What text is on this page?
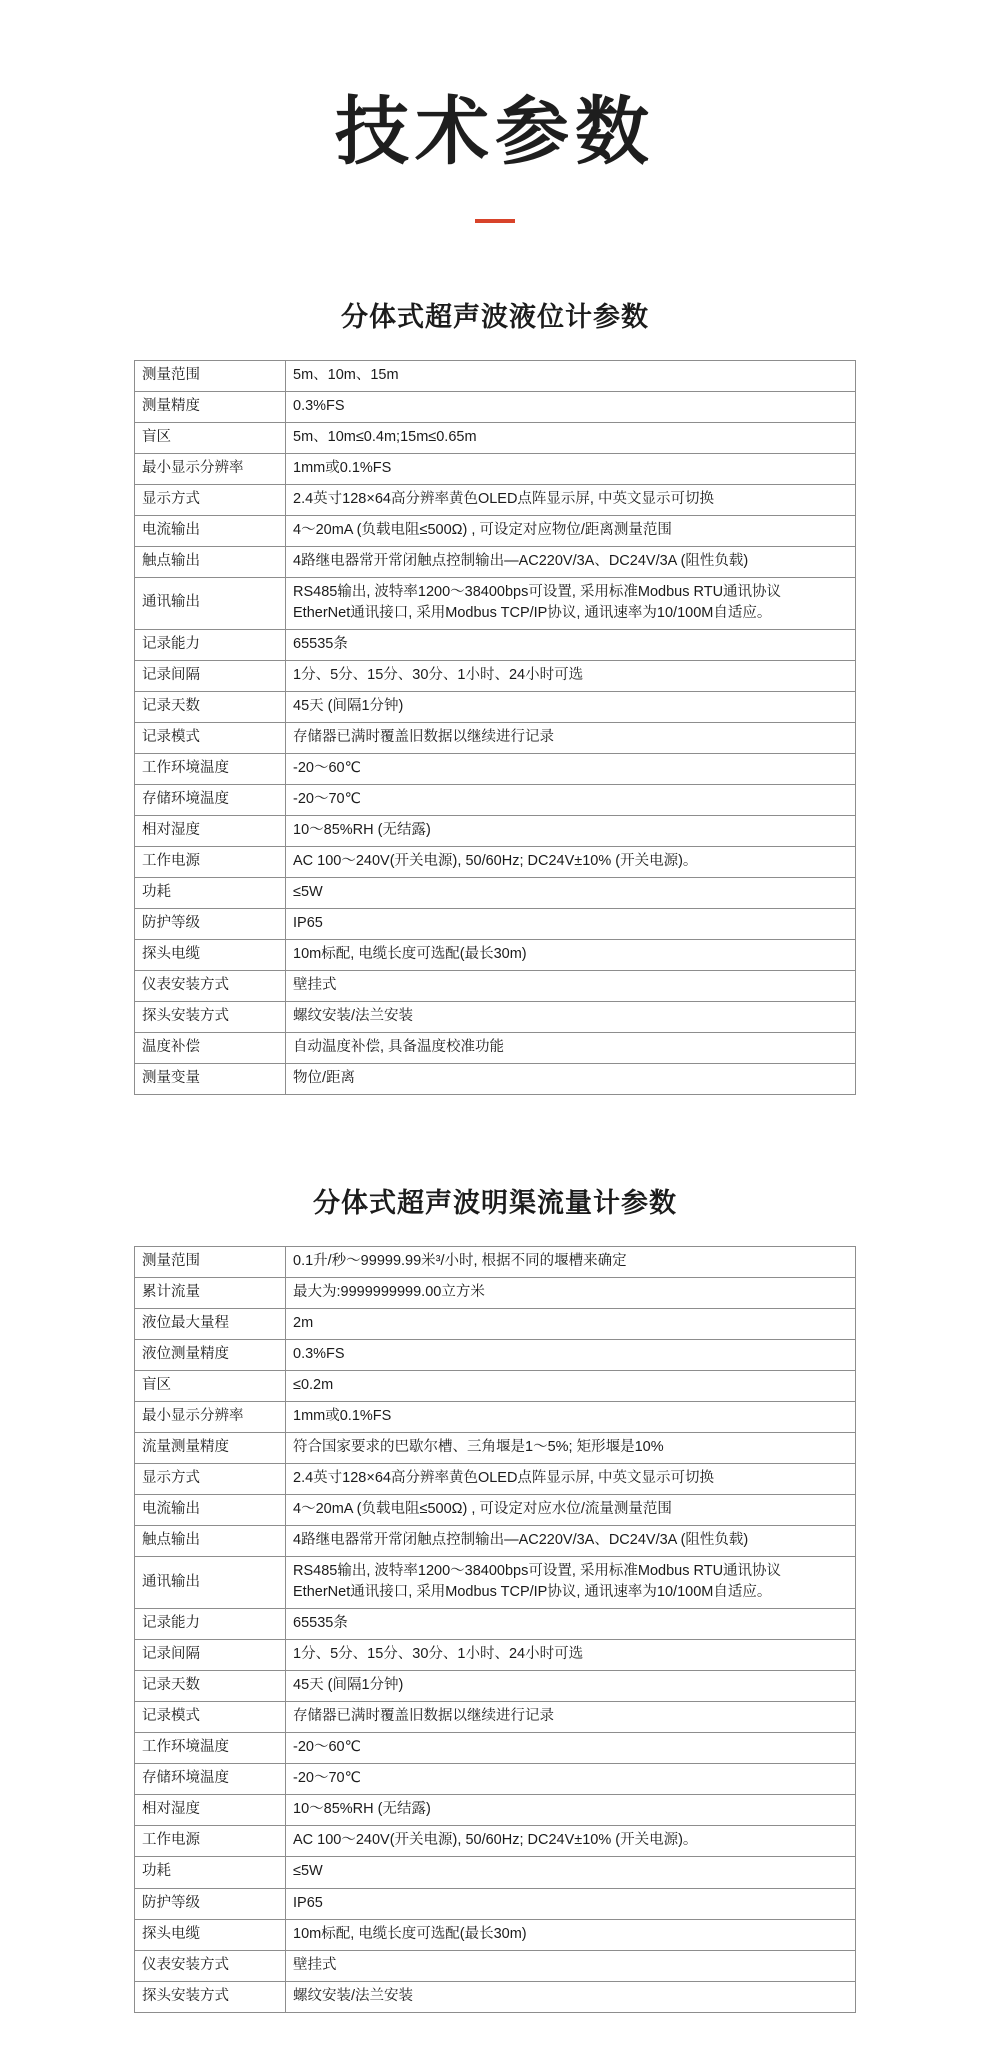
技术参数
分体式超声波液位计参数
测量范围	5m、10m、15m

测量精度	0.3%FS

盲区	5m、10m≤0.4m;15m≤0.65m

最小显示分辨率	1mm或0.1%FS

显示方式	2.4英寸128×64高分辨率黄色OLED点阵显示屏, 中英文显示可切换

电流输出	4～20mA (负载电阻≤500Ω) , 可设定对应物位/距离测量范围

触点输出	4路继电器常开常闭触点控制输出—AC220V/3A、DC24V/3A (阻性负载)

通讯输出	RS485输出, 波特率1200～38400bps可设置, 采用标准Modbus RTU通讯协议
EtherNet通讯接口, 采用Modbus TCP/IP协议, 通讯速率为10/100M自适应。

记录能力	65535条

记录间隔	1分、5分、15分、30分、1小时、24小时可选

记录天数	45天 (间隔1分钟)

记录模式	存储器已满时覆盖旧数据以继续进行记录

工作环境温度	-20～60℃

存储环境温度	-20～70℃

相对湿度	10～85%RH (无结露)

工作电源	AC 100～240V(开关电源), 50/60Hz; DC24V±10% (开关电源)。

功耗	≤5W

防护等级	IP65

探头电缆	10m标配, 电缆长度可选配(最长30m)

仪表安装方式	壁挂式

探头安装方式	螺纹安装/法兰安装

温度补偿	自动温度补偿, 具备温度校准功能

测量变量	物位/距离
分体式超声波明渠流量计参数
测量范围	0.1升/秒～99999.99米³/小时, 根据不同的堰槽来确定

累计流量	最大为:9999999999.00立方米

液位最大量程	2m

液位测量精度	0.3%FS

盲区	≤0.2m

最小显示分辨率	1mm或0.1%FS

流量测量精度	符合国家要求的巴歇尔槽、三角堰是1～5%; 矩形堰是10%

显示方式	2.4英寸128×64高分辨率黄色OLED点阵显示屏, 中英文显示可切换

电流输出	4～20mA (负载电阻≤500Ω) , 可设定对应水位/流量测量范围

触点输出	4路继电器常开常闭触点控制输出—AC220V/3A、DC24V/3A (阻性负载)

通讯输出	RS485输出, 波特率1200～38400bps可设置, 采用标准Modbus RTU通讯协议
EtherNet通讯接口, 采用Modbus TCP/IP协议, 通讯速率为10/100M自适应。

记录能力	65535条

记录间隔	1分、5分、15分、30分、1小时、24小时可选

记录天数	45天 (间隔1分钟)

记录模式	存储器已满时覆盖旧数据以继续进行记录

工作环境温度	-20～60℃

存储环境温度	-20～70℃

相对湿度	10～85%RH (无结露)

工作电源	AC 100～240V(开关电源), 50/60Hz; DC24V±10% (开关电源)。

功耗	≤5W

防护等级	IP65

探头电缆	10m标配, 电缆长度可选配(最长30m)

仪表安装方式	壁挂式

探头安装方式	螺纹安装/法兰安装
